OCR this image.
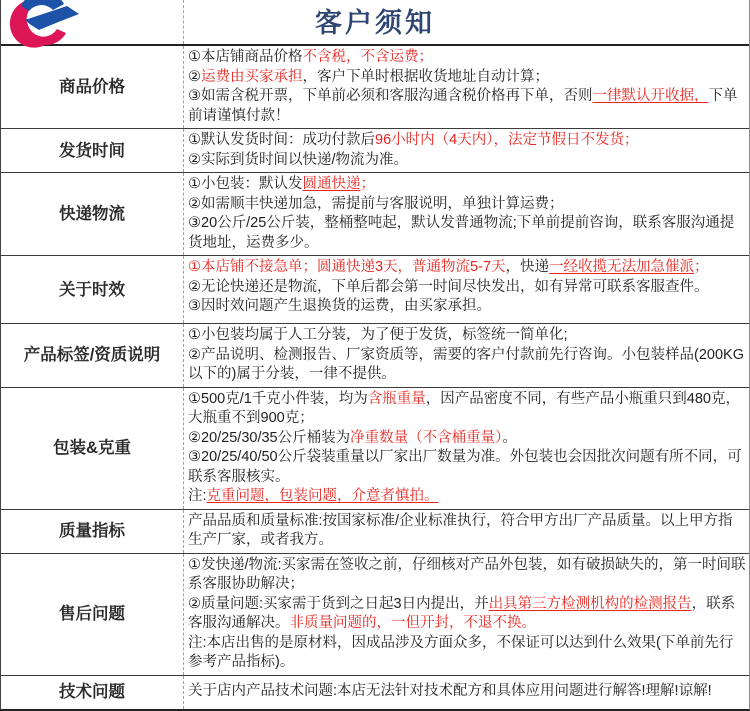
客户须知
商品价格
①本店铺商品价格不含税，不含运费；
②运费由买家承担，客户下单时根据收货地址自动计算；
③如需含税开票，下单前必须和客服沟通含税价格再下单，否则一律默认开收据，下单前请谨慎付款！
发货时间
①默认发货时间：成功付款后96小时内（4天内），法定节假日不发货；
②实际到货时间以快递/物流为准。
快递物流
①小包装：默认发圆通快递；
②如需顺丰快递加急，需提前与客服说明，单独计算运费；
③20公斤/25公斤装，整桶整吨起，默认发普通物流;下单前提前咨询，联系客服沟通提货地址，运费多少。
关于时效
①本店铺不接急单；圆通快递3天，普通物流5-7天，快递一经收揽无法加急催派；
②无论快递还是物流，下单后都会第一时间尽快发出，如有异常可联系客服查件。
③因时效问题产生退换货的运费，由买家承担。
产品标签/资质说明
①小包装均属于人工分装，为了便于发货，标签统一简单化;
②产品说明、检测报告、厂家资质等，需要的客户付款前先行咨询。小包装样品(200KG以下的)属于分装，一律不提供。
包装&克重
①500克/1千克小件装，均为含瓶重量，因产品密度不同，有些产品小瓶重只到480克，大瓶重不到900克；
②20/25/30/35公斤桶装为净重数量（不含桶重量）。
③20/25/40/50公斤袋装重量以厂家出厂数量为准。外包装也会因批次问题有所不同，可联系客服核实。
注:克重问题，包装问题，介意者慎拍。
质量指标
产品品质和质量标准:按国家标准/企业标准执行，符合甲方出厂产品质量。以上甲方指生产厂家，或者我方。
售后问题
①发快递/物流:买家需在签收之前，仔细核对产品外包装，如有破损缺失的，第一时间联系客服协助解决；
②质量问题:买家需于货到之日起3日内提出，并出具第三方检测机构的检测报告，联系客服沟通解决。非质量问题的，一但开封，不退不换。
注:本店出售的是原材料，因成品涉及方面众多，不保证可以达到什么效果(下单前先行参考产品指标)。
技术问题	关于店内产品技术问题:本店无法针对技术配方和具体应用问题进行解答!理解!谅解!
